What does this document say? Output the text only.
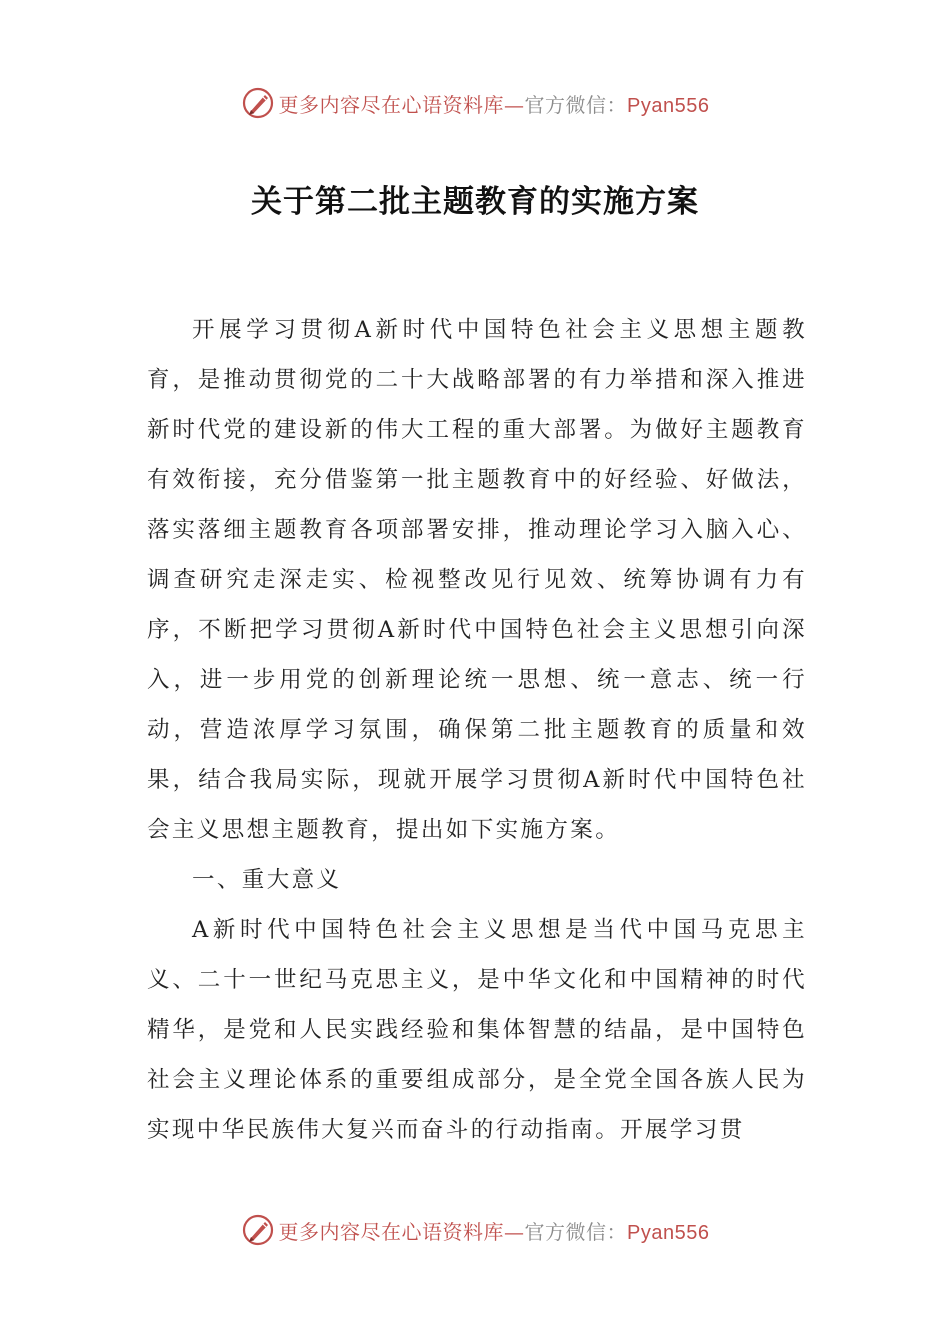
更多内容尽在心语资料库—官方微信：Pyan556
关于第二批主题教育的实施方案

开展学习贯彻A新时代中国特色社会主义思想主题教育，是推动贯彻党的二十大战略部署的有力举措和深入推进新时代党的建设新的伟大工程的重大部署。为做好主题教育有效衔接，充分借鉴第一批主题教育中的好经验、好做法，落实落细主题教育各项部署安排，推动理论学习入脑入心、调查研究走深走实、检视整改见行见效、统筹协调有力有序，不断把学习贯彻A新时代中国特色社会主义思想引向深入，进一步用党的创新理论统一思想、统一意志、统一行动，营造浓厚学习氛围，确保第二批主题教育的质量和效果，结合我局实际，现就开展学习贯彻A新时代中国特色社会主义思想主题教育，提出如下实施方案。

一、重大意义

A新时代中国特色社会主义思想是当代中国马克思主义、二十一世纪马克思主义，是中华文化和中国精神的时代精华，是党和人民实践经验和集体智慧的结晶，是中国特色社会主义理论体系的重要组成部分，是全党全国各族人民为实现中华民族伟大复兴而奋斗的行动指南。开展学习贯

更多内容尽在心语资料库—官方微信：Pyan556
